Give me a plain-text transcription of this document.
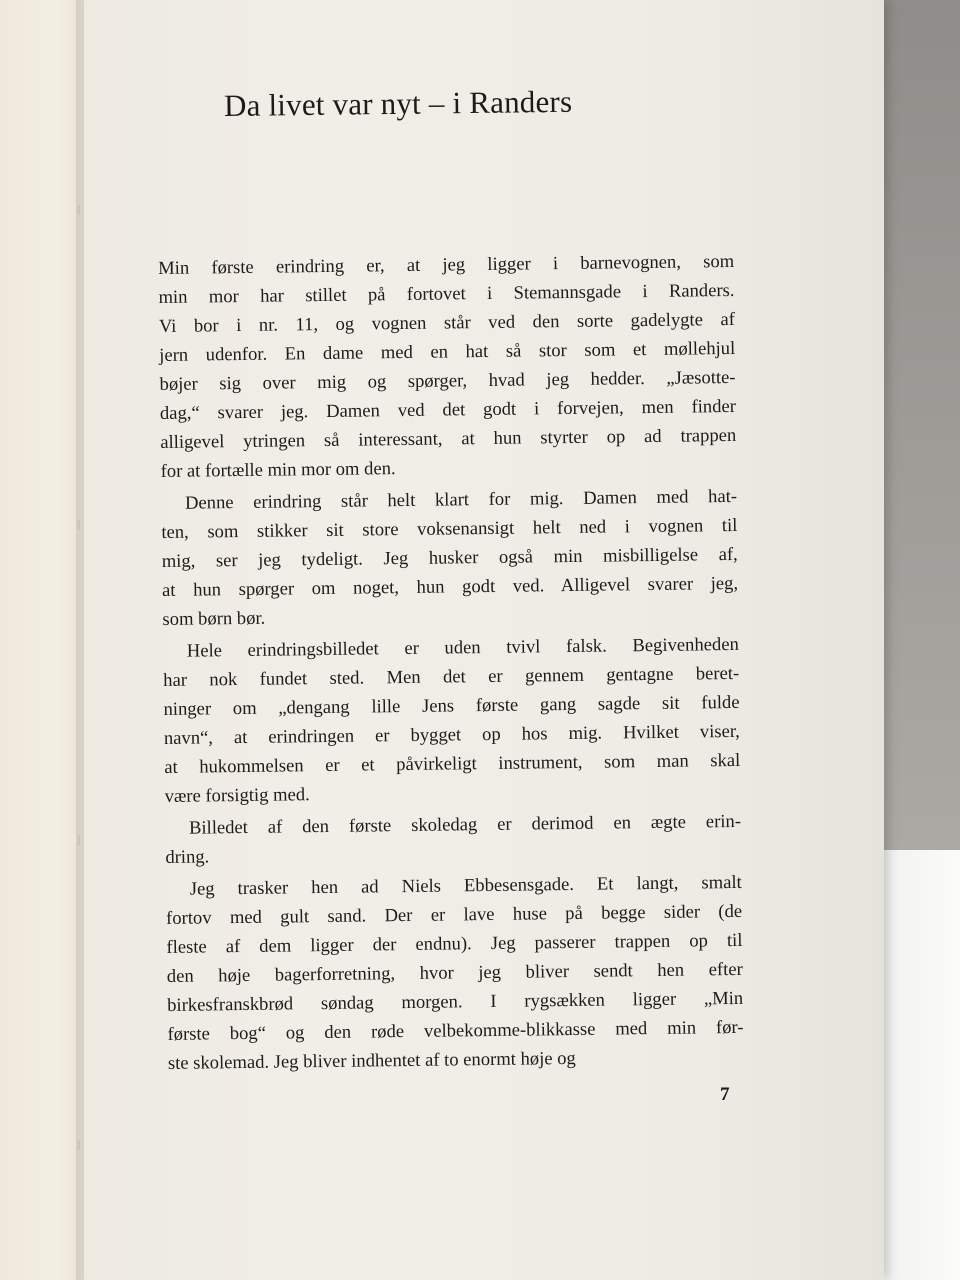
Da livet var nyt – i Randers
Min første erindring er, at jeg ligger i barnevognen, som
min mor har stillet på fortovet i Stemannsgade i Randers.
Vi bor i nr. 11, og vognen står ved den sorte gadelygte af
jern udenfor. En dame med en hat så stor som et møllehjul
bøjer sig over mig og spørger, hvad jeg hedder. „Jæsotte-
dag,“ svarer jeg. Damen ved det godt i forvejen, men finder
alligevel ytringen så interessant, at hun styrter op ad trappen
for at fortælle min mor om den.
Denne erindring står helt klart for mig. Damen med hat-
ten, som stikker sit store voksenansigt helt ned i vognen til
mig, ser jeg tydeligt. Jeg husker også min misbilligelse af,
at hun spørger om noget, hun godt ved. Alligevel svarer jeg,
som børn bør.
Hele erindringsbilledet er uden tvivl falsk. Begivenheden
har nok fundet sted. Men det er gennem gentagne beret-
ninger om „dengang lille Jens første gang sagde sit fulde
navn“, at erindringen er bygget op hos mig. Hvilket viser,
at hukommelsen er et påvirkeligt instrument, som man skal
være forsigtig med.
Billedet af den første skoledag er derimod en ægte erin-
dring.
Jeg trasker hen ad Niels Ebbesensgade. Et langt, smalt
fortov med gult sand. Der er lave huse på begge sider (de
fleste af dem ligger der endnu). Jeg passerer trappen op til
den høje bagerforretning, hvor jeg bliver sendt hen efter
birkesfranskbrød søndag morgen. I rygsækken ligger „Min
første bog“ og den røde velbekomme-blikkasse med min før-
ste skolemad. Jeg bliver indhentet af to enormt høje og
7
